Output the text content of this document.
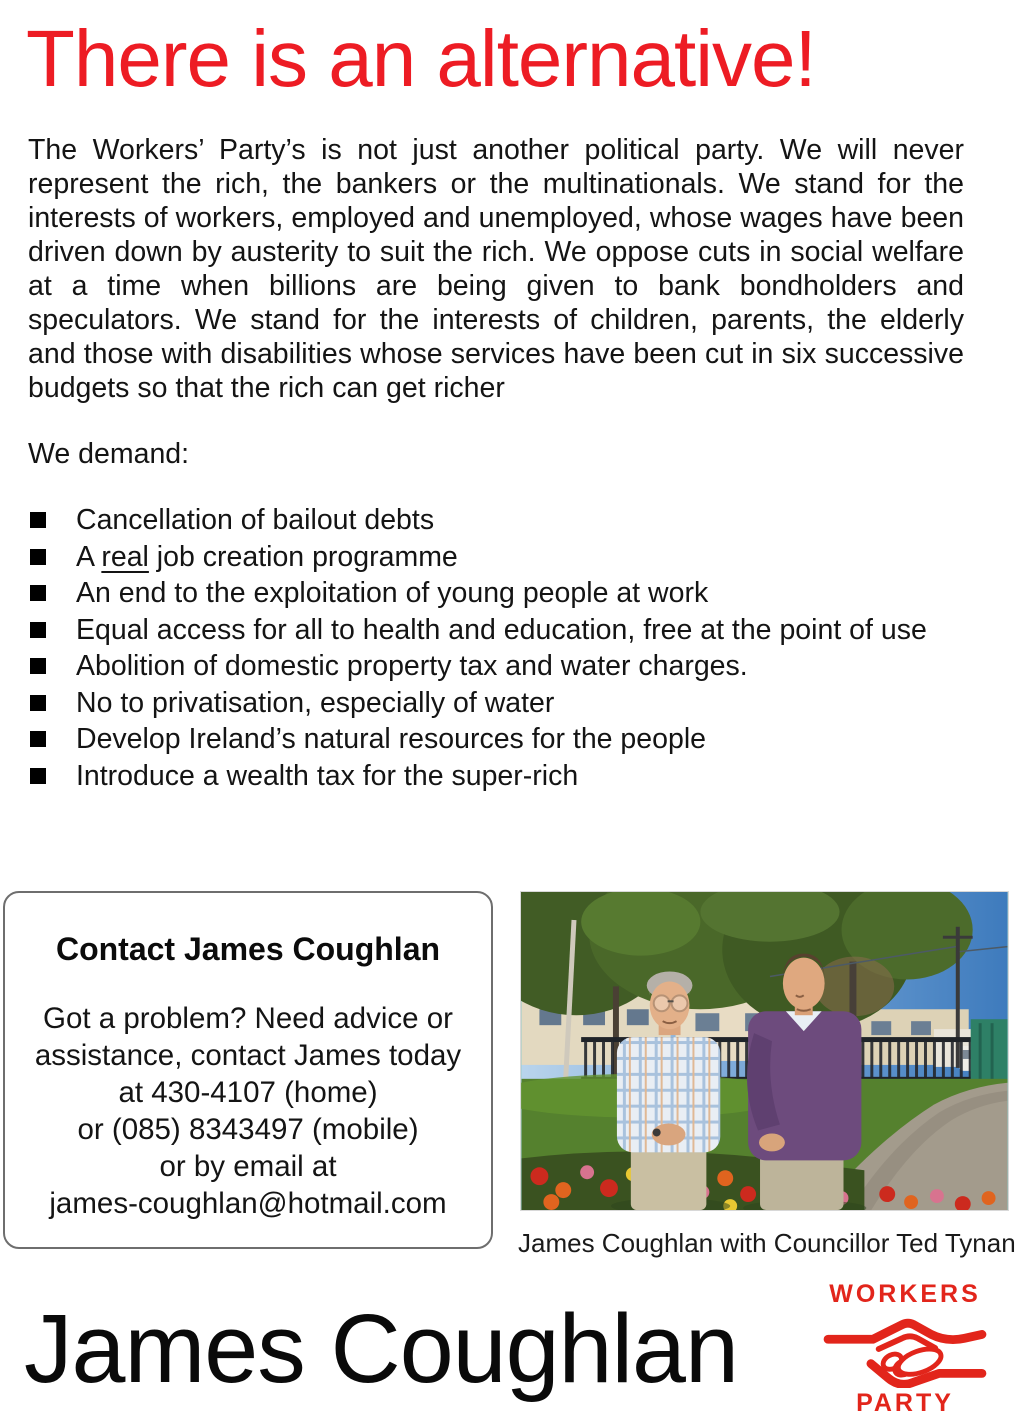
There is an alternative!
The Workers’ Party’s is not just another political party. We will never represent the rich, the bankers or the multinationals. We stand for the interests of workers, employed and unemployed, whose wages have been driven down by austerity to suit the rich. We oppose cuts in social welfare at a time when billions are being given to bank bondholders and speculators. We stand for the interests of children, parents, the elderly and those with disabilities whose services have been cut in six successive budgets so that the rich can get richer
We demand:
Cancellation of bailout debts
A real job creation programme
An end to the exploitation of young people at work
Equal access for all to health and education, free at the point of use
Abolition of domestic property tax and water charges.
No to privatisation, especially of water
Develop Ireland’s natural resources for the people
Introduce a wealth tax for the super-rich
Contact James Coughlan
Got a problem? Need advice or assistance, contact James today
at 430-4107 (home)
or (085) 8343497 (mobile)
or by email at
james-coughlan@hotmail.com
James Coughlan with Councillor Ted Tynan
James Coughlan	WORKERS
PARTY
